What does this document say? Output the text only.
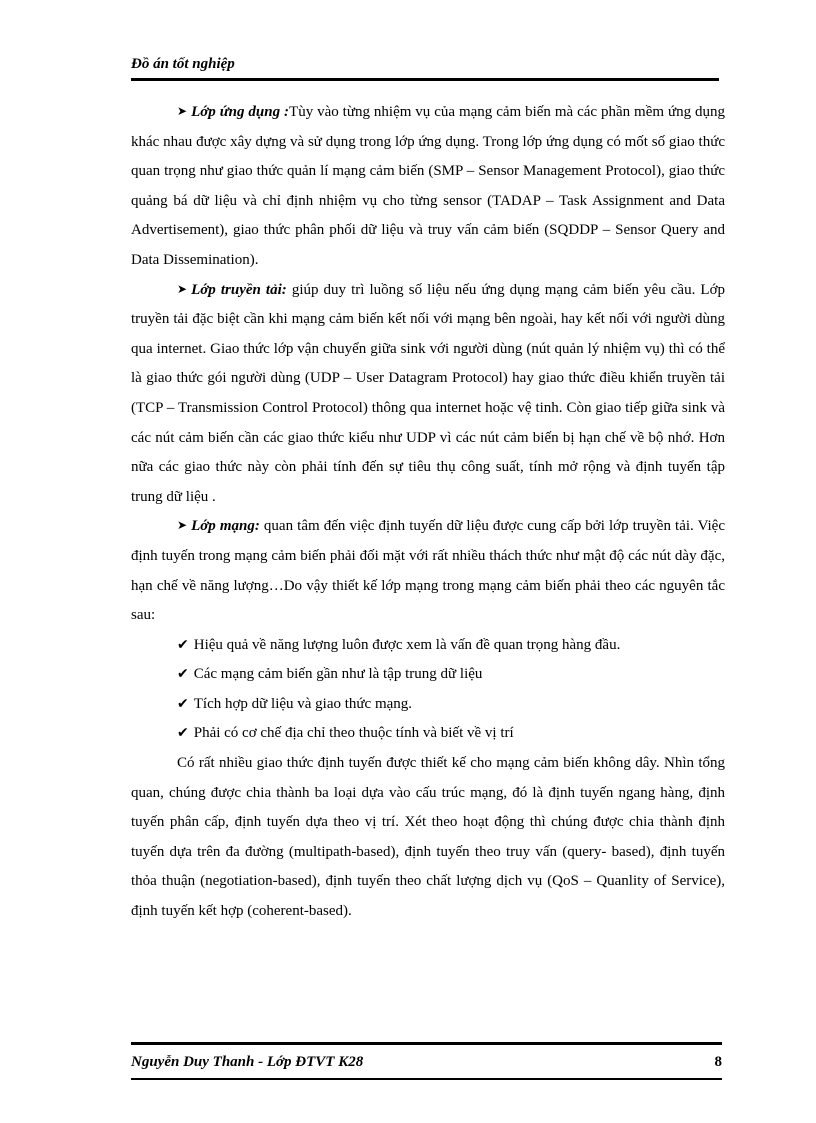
Đồ án tốt nghiệp

➤ Lớp ứng dụng :Tùy vào từng nhiệm vụ của mạng cảm biến mà các phần mềm ứng dụng khác nhau được xây dựng và sử dụng trong lớp ứng dụng. Trong lớp ứng dụng có mốt số giao thức quan trọng như giao thức quản lí mạng cảm biến (SMP – Sensor Management Protocol), giao thức quảng bá dữ liệu và chỉ định nhiệm vụ cho từng sensor (TADAP – Task Assignment and Data Advertisement), giao thức phân phối dữ liệu và truy vấn cảm biến (SQDDP – Sensor Query and Data Dissemination).

➤ Lớp truyền tải: giúp duy trì luồng số liệu nếu ứng dụng mạng cảm biến yêu cầu. Lớp truyền tải đặc biệt cần khi mạng cảm biến kết nối với mạng bên ngoài, hay kết nối với người dùng qua internet. Giao thức lớp vận chuyển giữa sink với người dùng (nút quản lý nhiệm vụ) thì có thể là giao thức gói người dùng (UDP – User Datagram Protocol) hay giao thức điều khiển truyền tải (TCP – Transmission Control Protocol) thông qua internet hoặc vệ tinh. Còn giao tiếp giữa sink và các nút cảm biến cần các giao thức kiểu như UDP vì các nút cảm biến bị hạn chế về bộ nhớ. Hơn nữa các giao thức này còn phải tính đến sự tiêu thụ công suất, tính mở rộng và định tuyến tập trung dữ liệu .

➤ Lớp mạng: quan tâm đến việc định tuyến dữ liệu được cung cấp bởi lớp truyền tải. Việc định tuyến trong mạng cảm biến phải đối mặt với rất nhiều thách thức như mật độ các nút dày đặc, hạn chế về năng lượng…Do vậy thiết kế lớp mạng trong mạng cảm biến phải theo các nguyên tắc sau:

✔ Hiệu quả về năng lượng luôn được xem là vấn đề quan trọng hàng đầu.

✔ Các mạng cảm biến gần như là tập trung dữ liệu

✔ Tích hợp dữ liệu và giao thức mạng.

✔ Phải có cơ chế địa chỉ theo thuộc tính và biết về vị trí

Có rất nhiều giao thức định tuyến được thiết kế cho mạng cảm biến không dây. Nhìn tổng quan, chúng được chia thành ba loại dựa vào cấu trúc mạng, đó là định tuyến ngang hàng, định tuyến phân cấp, định tuyến dựa theo vị trí. Xét theo hoạt động thì chúng được chia thành định tuyến dựa trên đa đường (multipath-based), định tuyến theo truy vấn (query- based), định tuyến thỏa thuận (negotiation-based), định tuyến theo chất lượng dịch vụ (QoS – Quanlity of Service), định tuyến kết hợp (coherent-based).

Nguyễn Duy Thanh - Lớp ĐTVT K28	8
